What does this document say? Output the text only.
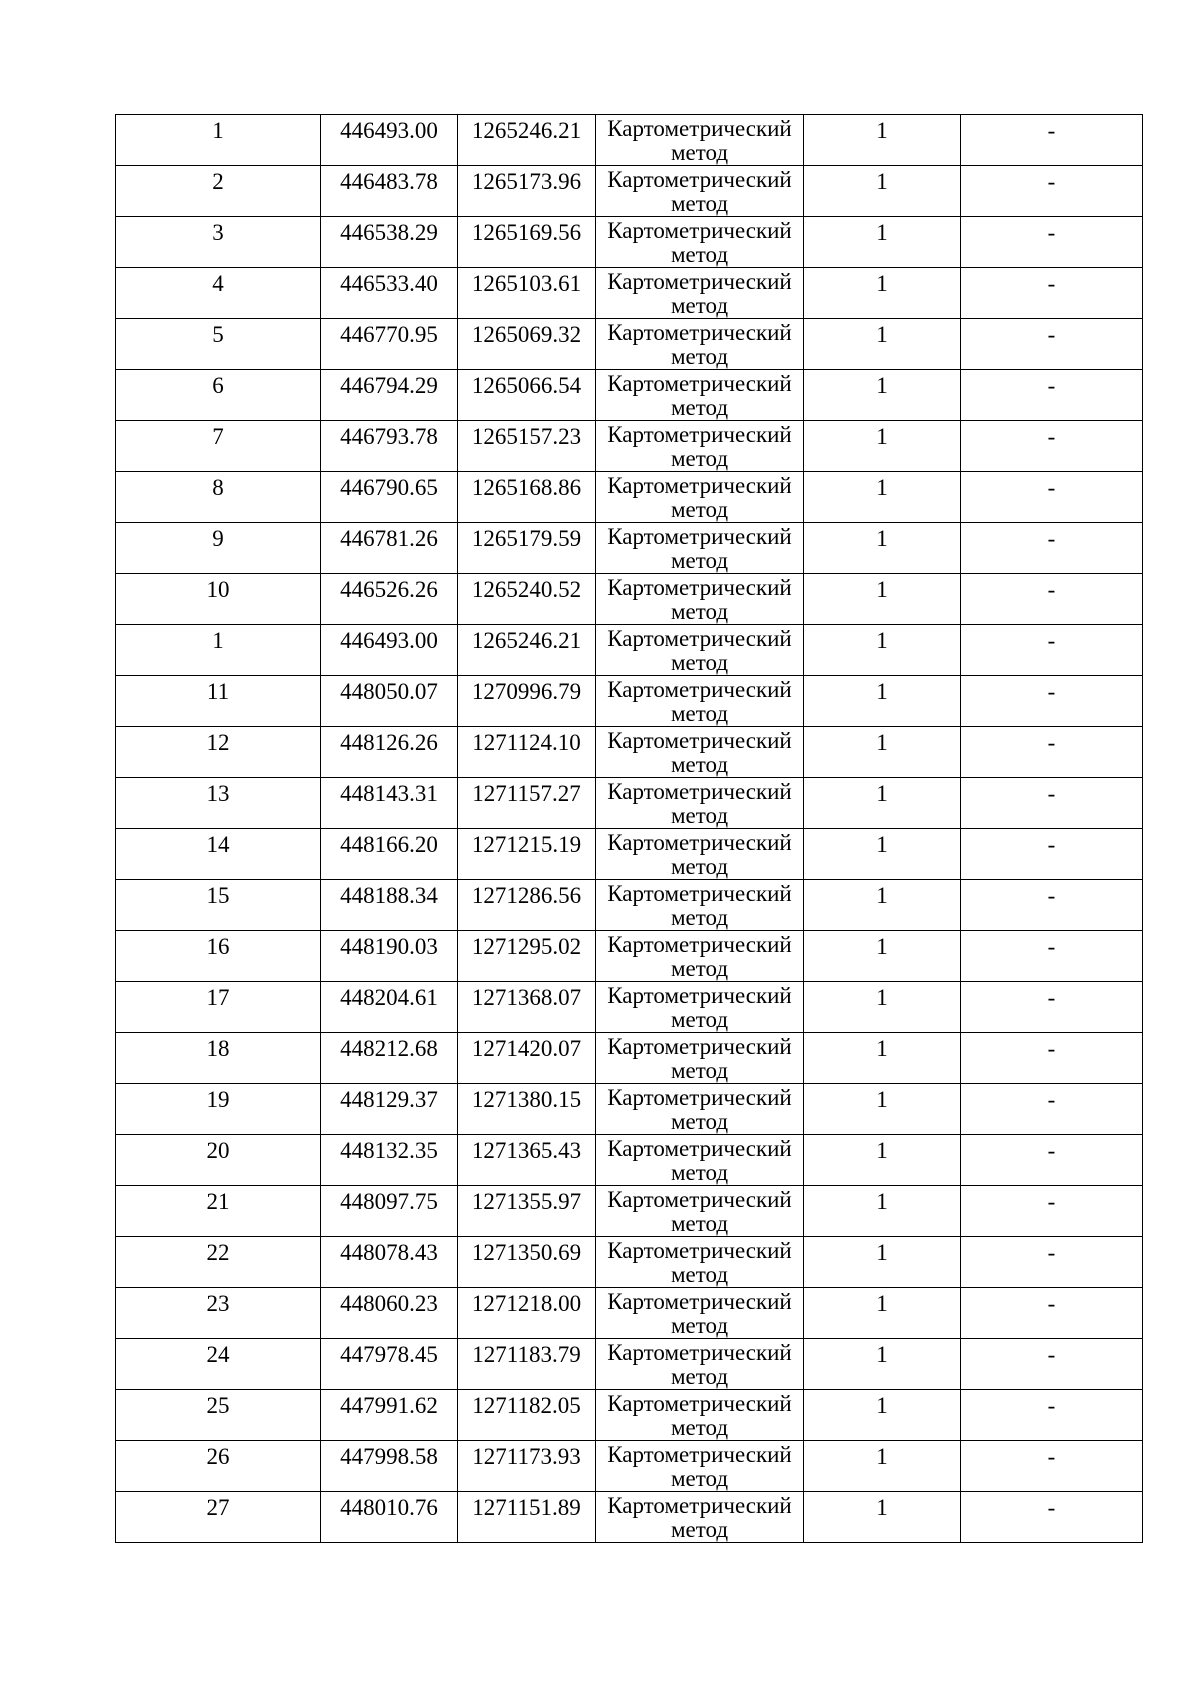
1	446493.00	1265246.21	Картометрический метод	1	-

2	446483.78	1265173.96	Картометрический метод	1	-

3	446538.29	1265169.56	Картометрический метод	1	-

4	446533.40	1265103.61	Картометрический метод	1	-

5	446770.95	1265069.32	Картометрический метод	1	-

6	446794.29	1265066.54	Картометрический метод	1	-

7	446793.78	1265157.23	Картометрический метод	1	-

8	446790.65	1265168.86	Картометрический метод	1	-

9	446781.26	1265179.59	Картометрический метод	1	-

10	446526.26	1265240.52	Картометрический метод	1	-

1	446493.00	1265246.21	Картометрический метод	1	-

11	448050.07	1270996.79	Картометрический метод	1	-

12	448126.26	1271124.10	Картометрический метод	1	-

13	448143.31	1271157.27	Картометрический метод	1	-

14	448166.20	1271215.19	Картометрический метод	1	-

15	448188.34	1271286.56	Картометрический метод	1	-

16	448190.03	1271295.02	Картометрический метод	1	-

17	448204.61	1271368.07	Картометрический метод	1	-

18	448212.68	1271420.07	Картометрический метод	1	-

19	448129.37	1271380.15	Картометрический метод	1	-

20	448132.35	1271365.43	Картометрический метод	1	-

21	448097.75	1271355.97	Картометрический метод	1	-

22	448078.43	1271350.69	Картометрический метод	1	-

23	448060.23	1271218.00	Картометрический метод	1	-

24	447978.45	1271183.79	Картометрический метод	1	-

25	447991.62	1271182.05	Картометрический метод	1	-

26	447998.58	1271173.93	Картометрический метод	1	-

27	448010.76	1271151.89	Картометрический метод	1	-
